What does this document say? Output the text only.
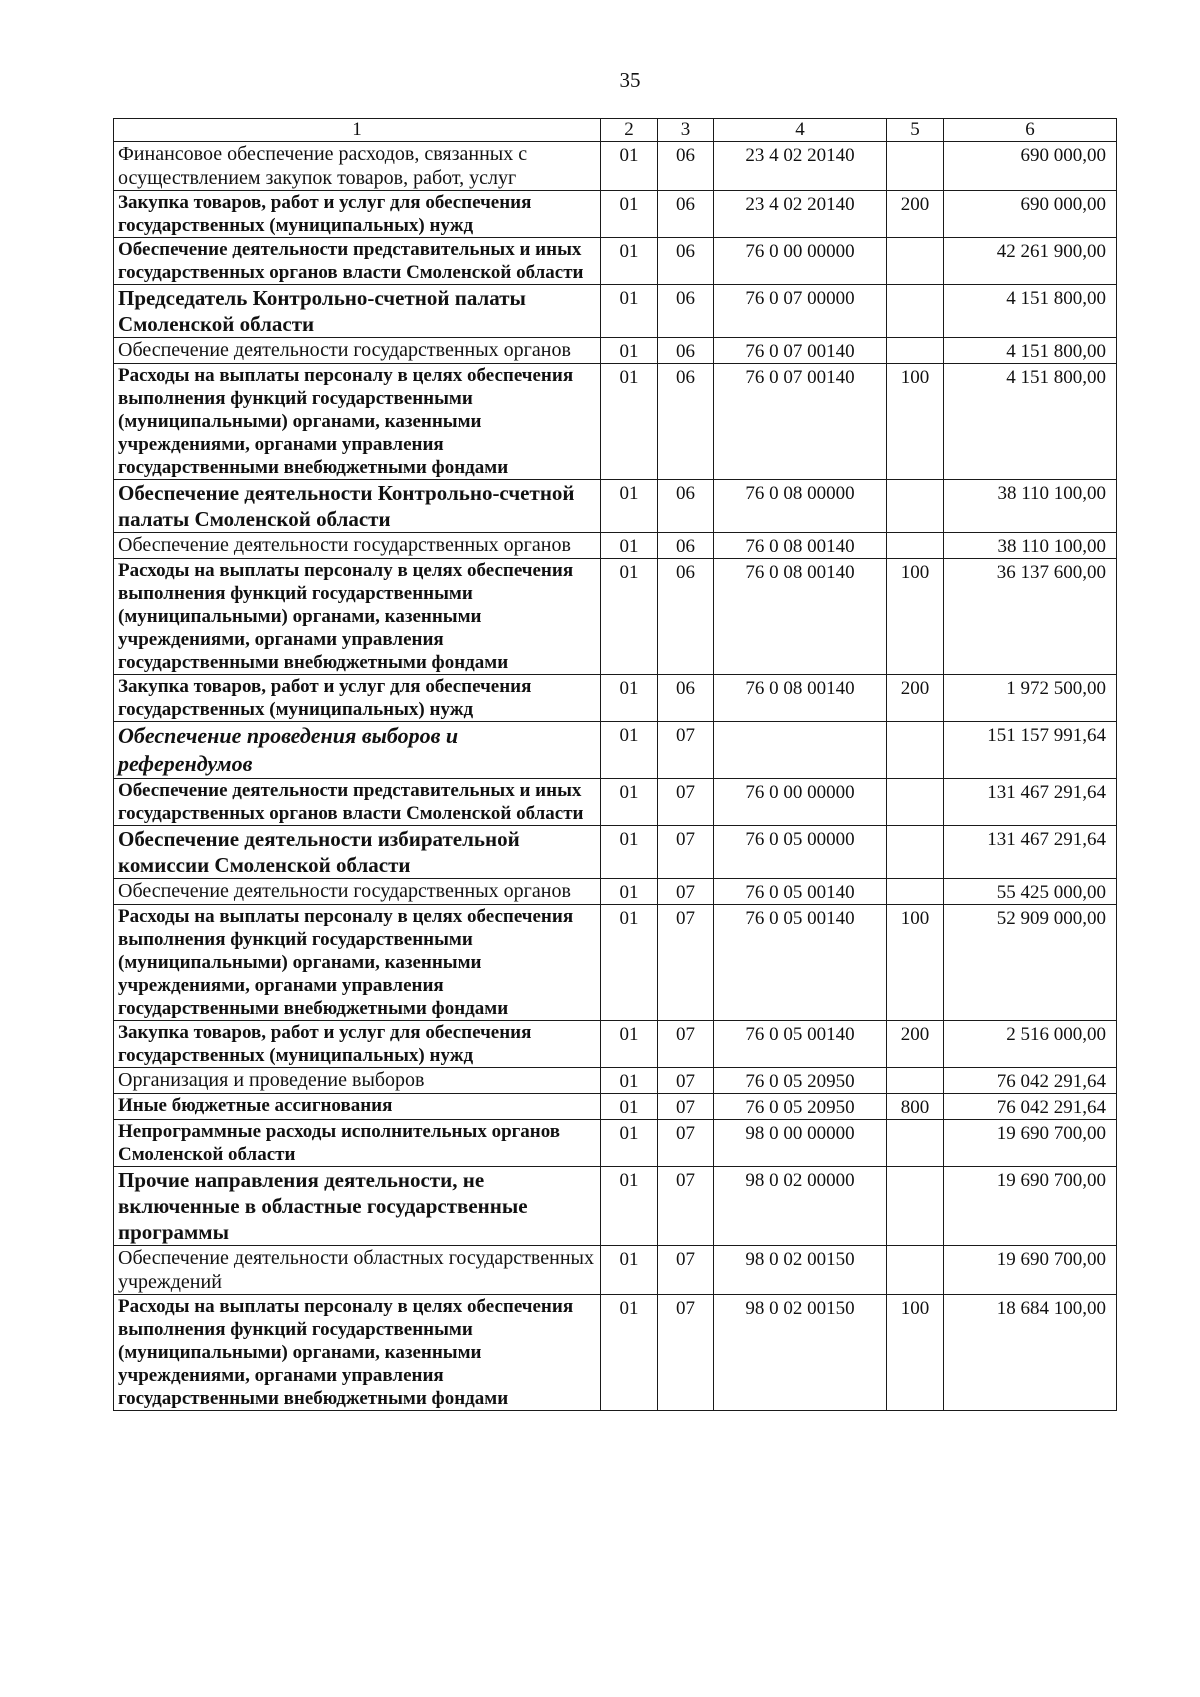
35
1	2	3	4	5	6
Финансовое обеспечение расходов, связанных с осуществлением закупок товаров, работ, услуг	01	06	23 4 02 20140		690 000,00
Закупка товаров, работ и услуг для обеспечения государственных (муниципальных) нужд	01	06	23 4 02 20140	200	690 000,00
Обеспечение деятельности представительных и иных государственных органов власти Смоленской области	01	06	76 0 00 00000		42 261 900,00
Председатель Контрольно-счетной палаты Смоленской области	01	06	76 0 07 00000		4 151 800,00
Обеспечение деятельности государственных органов	01	06	76 0 07 00140		4 151 800,00
Расходы на выплаты персоналу в целях обеспечения выполнения функций государственными (муниципальными) органами, казенными учреждениями, органами управления государственными внебюджетными фондами	01	06	76 0 07 00140	100	4 151 800,00
Обеспечение деятельности Контрольно-счетной палаты Смоленской области	01	06	76 0 08 00000		38 110 100,00
Обеспечение деятельности государственных органов	01	06	76 0 08 00140		38 110 100,00
Расходы на выплаты персоналу в целях обеспечения выполнения функций государственными (муниципальными) органами, казенными учреждениями, органами управления государственными внебюджетными фондами	01	06	76 0 08 00140	100	36 137 600,00
Закупка товаров, работ и услуг для обеспечения государственных (муниципальных) нужд	01	06	76 0 08 00140	200	1 972 500,00
Обеспечение проведения выборов и референдумов	01	07			151 157 991,64
Обеспечение деятельности представительных и иных государственных органов власти Смоленской области	01	07	76 0 00 00000		131 467 291,64
Обеспечение деятельности избирательной комиссии Смоленской области	01	07	76 0 05 00000		131 467 291,64
Обеспечение деятельности государственных органов	01	07	76 0 05 00140		55 425 000,00
Расходы на выплаты персоналу в целях обеспечения выполнения функций государственными (муниципальными) органами, казенными учреждениями, органами управления государственными внебюджетными фондами	01	07	76 0 05 00140	100	52 909 000,00
Закупка товаров, работ и услуг для обеспечения государственных (муниципальных) нужд	01	07	76 0 05 00140	200	2 516 000,00
Организация и проведение выборов	01	07	76 0 05 20950		76 042 291,64
Иные бюджетные ассигнования	01	07	76 0 05 20950	800	76 042 291,64
Непрограммные расходы исполнительных органов Смоленской области	01	07	98 0 00 00000		19 690 700,00
Прочие направления деятельности, не включенные в областные государственные программы	01	07	98 0 02 00000		19 690 700,00
Обеспечение деятельности областных государственных учреждений	01	07	98 0 02 00150		19 690 700,00
Расходы на выплаты персоналу в целях обеспечения выполнения функций государственными (муниципальными) органами, казенными учреждениями, органами управления государственными внебюджетными фондами	01	07	98 0 02 00150	100	18 684 100,00
